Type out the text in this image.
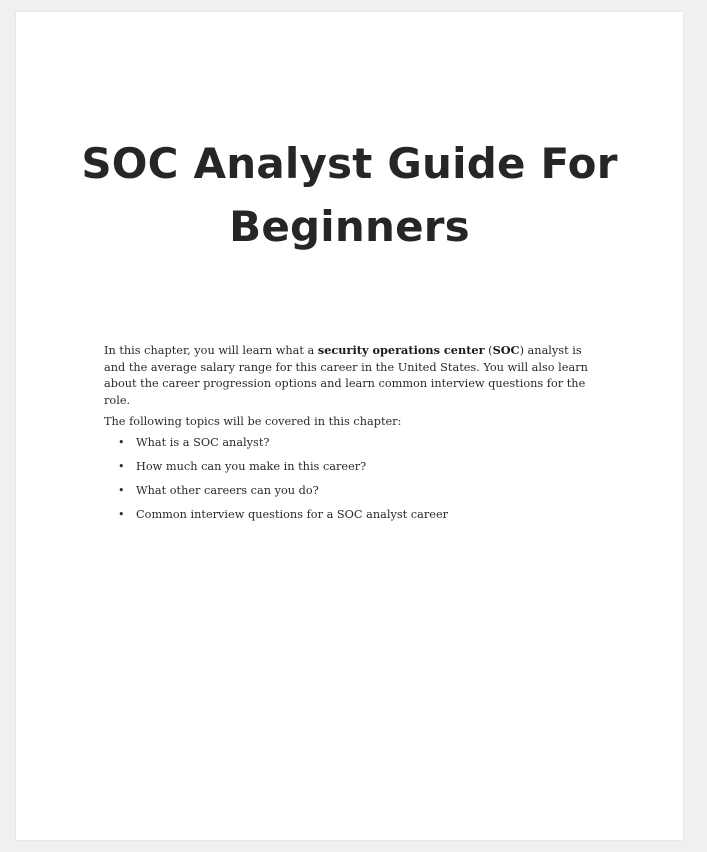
SOC Analyst Guide For
Beginners

In this chapter, you will learn what a security operations center (SOC) analyst is and the average salary range for this career in the United States. You will also learn about the career progression options and learn common interview questions for the role.

The following topics will be covered in this chapter:

• What is a SOC analyst?
• How much can you make in this career?
• What other careers can you do?
• Common interview questions for a SOC analyst career
